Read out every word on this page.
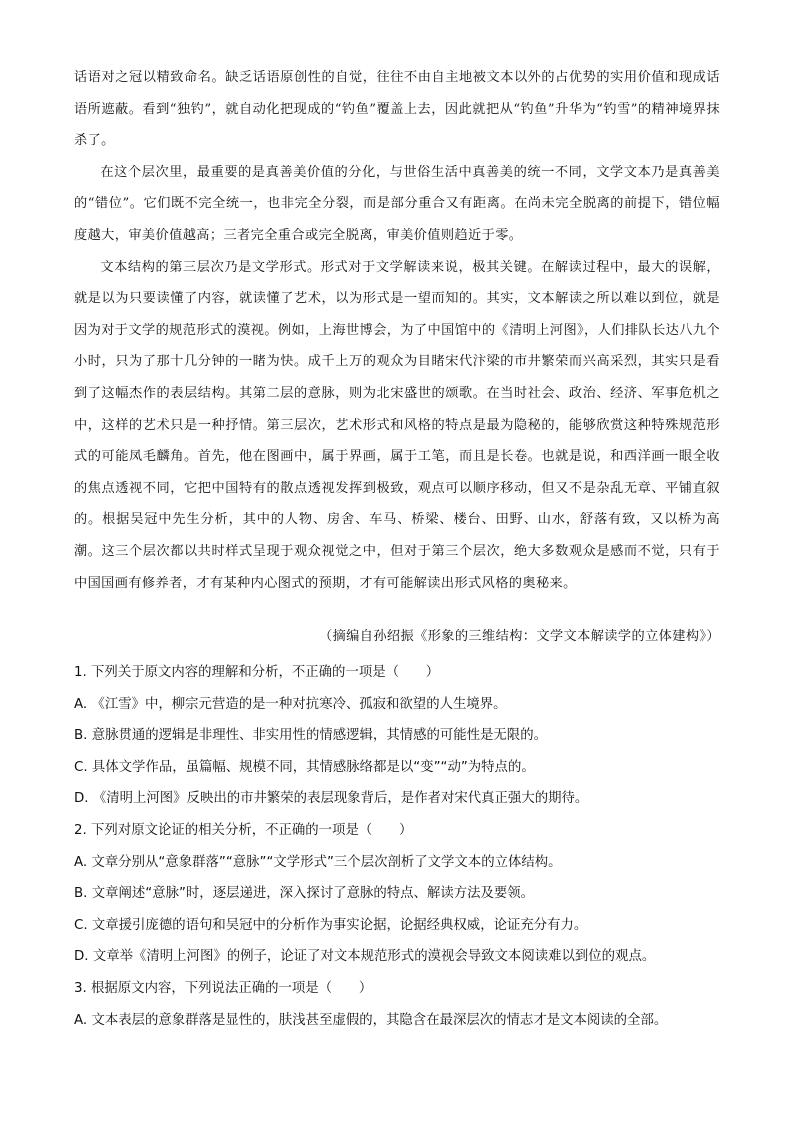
话语对之冠以精致命名。缺乏话语原创性的自觉，往往不由自主地被文本以外的占优势的实用价值和现成话语所遮蔽。看到“独钓”，就自动化把现成的“钓鱼”覆盖上去，因此就把从“钓鱼”升华为“钓雪”的精神境界抹杀了。

在这个层次里，最重要的是真善美价值的分化，与世俗生活中真善美的统一不同，文学文本乃是真善美的“错位”。它们既不完全统一，也非完全分裂，而是部分重合又有距离。在尚未完全脱离的前提下，错位幅度越大，审美价值越高；三者完全重合或完全脱离，审美价值则趋近于零。

文本结构的第三层次乃是文学形式。形式对于文学解读来说，极其关键。在解读过程中，最大的误解，就是以为只要读懂了内容，就读懂了艺术，以为形式是一望而知的。其实，文本解读之所以难以到位，就是因为对于文学的规范形式的漠视。例如，上海世博会，为了中国馆中的《清明上河图》，人们排队长达八九个小时，只为了那十几分钟的一睹为快。成千上万的观众为目睹宋代汴梁的市井繁荣而兴高采烈，其实只是看到了这幅杰作的表层结构。其第二层的意脉，则为北宋盛世的颂歌。在当时社会、政治、经济、军事危机之中，这样的艺术只是一种抒情。第三层次，艺术形式和风格的特点是最为隐秘的，能够欣赏这种特殊规范形式的可能凤毛麟角。首先，他在图画中，属于界画，属于工笔，而且是长卷。也就是说，和西洋画一眼全收的焦点透视不同，它把中国特有的散点透视发挥到极致，观点可以顺序移动，但又不是杂乱无章、平铺直叙的。根据吴冠中先生分析，其中的人物、房舍、车马、桥梁、楼台、田野、山水，舒落有致，又以桥为高潮。这三个层次都以共时样式呈现于观众视觉之中，但对于第三个层次，绝大多数观众是感而不觉，只有于中国国画有修养者，才有某种内心图式的预期，才有可能解读出形式风格的奥秘来。

（摘编自孙绍振《形象的三维结构：文学文本解读学的立体建构》）
1. 下列关于原文内容的理解和分析，不正确的一项是（　　）
A. 《江雪》中，柳宗元营造的是一种对抗寒冷、孤寂和欲望的人生境界。
B. 意脉贯通的逻辑是非理性、非实用性的情感逻辑，其情感的可能性是无限的。
C. 具体文学作品，虽篇幅、规模不同，其情感脉络都是以“变”“动”为特点的。
D. 《清明上河图》反映出的市井繁荣的表层现象背后，是作者对宋代真正强大的期待。
2. 下列对原文论证的相关分析，不正确的一项是（　　）
A. 文章分别从“意象群落”“意脉”“文学形式”三个层次剖析了文学文本的立体结构。
B. 文章阐述“意脉”时，逐层递进，深入探讨了意脉的特点、解读方法及要领。
C. 文章援引庞德的语句和吴冠中的分析作为事实论据，论据经典权威，论证充分有力。
D. 文章举《清明上河图》的例子，论证了对文本规范形式的漠视会导致文本阅读难以到位的观点。
3. 根据原文内容，下列说法正确的一项是（　　）
A. 文本表层的意象群落是显性的，肤浅甚至虚假的，其隐含在最深层次的情志才是文本阅读的全部。
